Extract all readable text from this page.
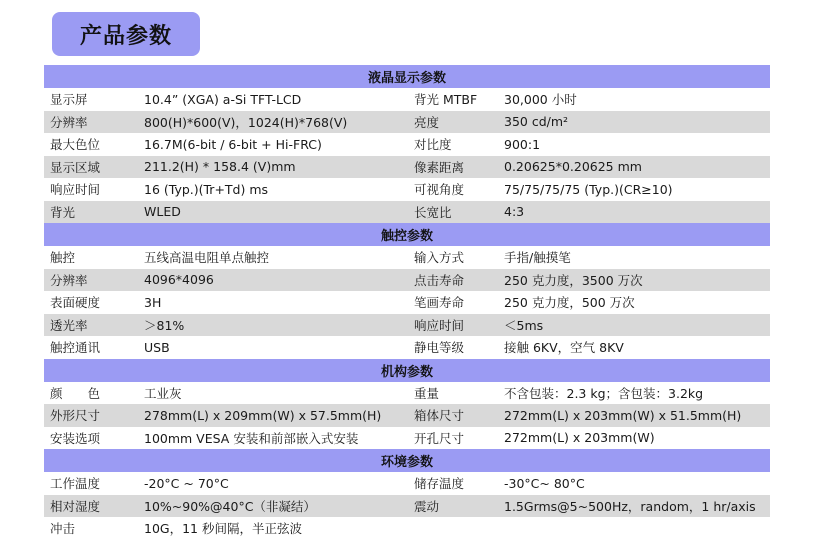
产品参数
液晶显示参数
显示屏	10.4” (XGA) a-Si TFT-LCD	背光 MTBF	30,000 小时
分辨率	800(H)*600(V)，1024(H)*768(V)	亮度	350 cd/m²
最大色位	16.7M(6-bit / 6-bit + Hi-FRC)	对比度	900:1
显示区域	211.2(H) * 158.4 (V)mm	像素距离	0.20625*0.20625 mm
响应时间	16 (Typ.)(Tr+Td) ms	可视角度	75/75/75/75 (Typ.)(CR≥10)
背光	WLED	长宽比	4:3
触控参数
触控	五线高温电阻单点触控	输入方式	手指/触摸笔
分辨率	4096*4096	点击寿命	250 克力度，3500 万次
表面硬度	3H	笔画寿命	250 克力度，500 万次
透光率	＞81%	响应时间	＜5ms
触控通讯	USB	静电等级	接触 6KV，空气 8KV
机构参数
颜　　色	工业灰	重量	不含包装：2.3 kg；含包装：3.2kg
外形尺寸	278mm(L) x 209mm(W) x 57.5mm(H)	箱体尺寸	272mm(L) x 203mm(W) x 51.5mm(H)
安装选项	100mm VESA 安装和前部嵌入式安装	开孔尺寸	272mm(L) x 203mm(W)
环境参数
工作温度	-20°C ~ 70°C	储存温度	-30°C~ 80°C
相对湿度	10%~90%@40°C（非凝结）	震动	1.5Grms@5~500Hz，random，1 hr/axis
冲击	10G，11 秒间隔，半正弦波
